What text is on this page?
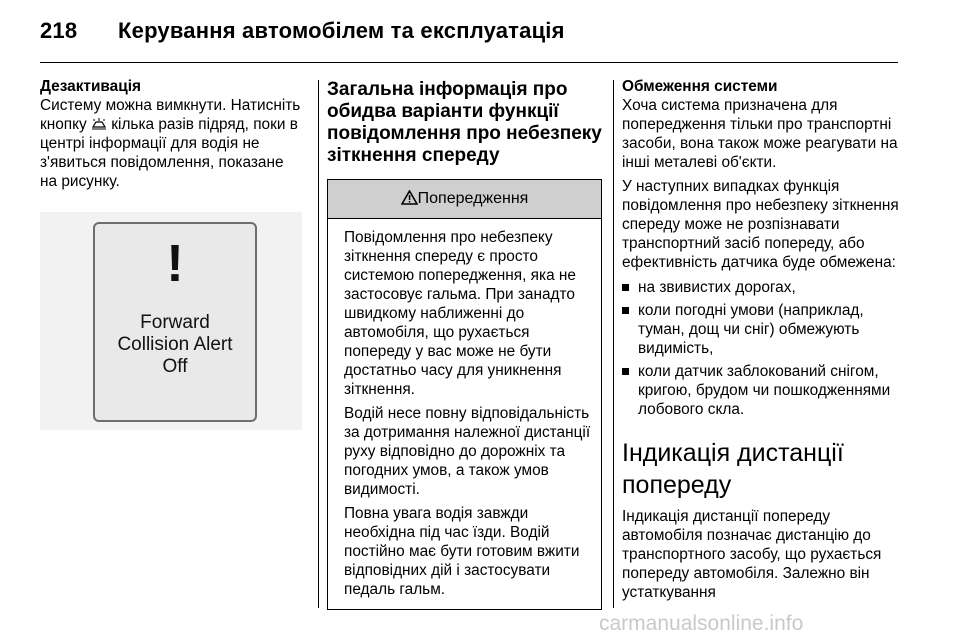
218 Керування автомобілем та експлуатація

Дезактивація

Систему можна вимкнути. Натисніть кнопку кілька разів підряд, поки в центрі інформації для водія не з'явиться повідомлення, показане на рисунку.

!
Forward
Collision Alert
Off

Загальна інформація про обидва варіанти функції повідомлення про небезпеку зіткнення спереду

Попередження

Повідомлення про небезпеку зіткнення спереду є просто системою попередження, яка не застосовує гальма. При занадто швидкому наближенні до автомобіля, що рухається попереду у вас може не бути достатньо часу для уникнення зіткнення.

Водій несе повну відповідальність за дотримання належної дистанції руху відповідно до дорожніх та погодних умов, а також умов видимості.

Повна увага водія завжди необхідна під час їзди. Водій постійно має бути готовим вжити відповідних дій і застосувати педаль гальм.

Обмеження системи

Хоча система призначена для попередження тільки про транспортні засоби, вона також може реагувати на інші металеві об'єкти.

У наступних випадках функція повідомлення про небезпеку зіткнення спереду може не розпізнавати транспортний засіб попереду, або ефективність датчика буде обмежена:

на звивистих дорогах,
коли погодні умови (наприклад, туман, дощ чи сніг) обмежують видимість,
коли датчик заблокований снігом, кригою, брудом чи пошкодженнями лобового скла.

Індикація дистанції попереду

Індикація дистанції попереду автомобіля позначає дистанцію до транспортного засобу, що рухається попереду автомобіля. Залежно він устаткування

carmanualsonline.info
